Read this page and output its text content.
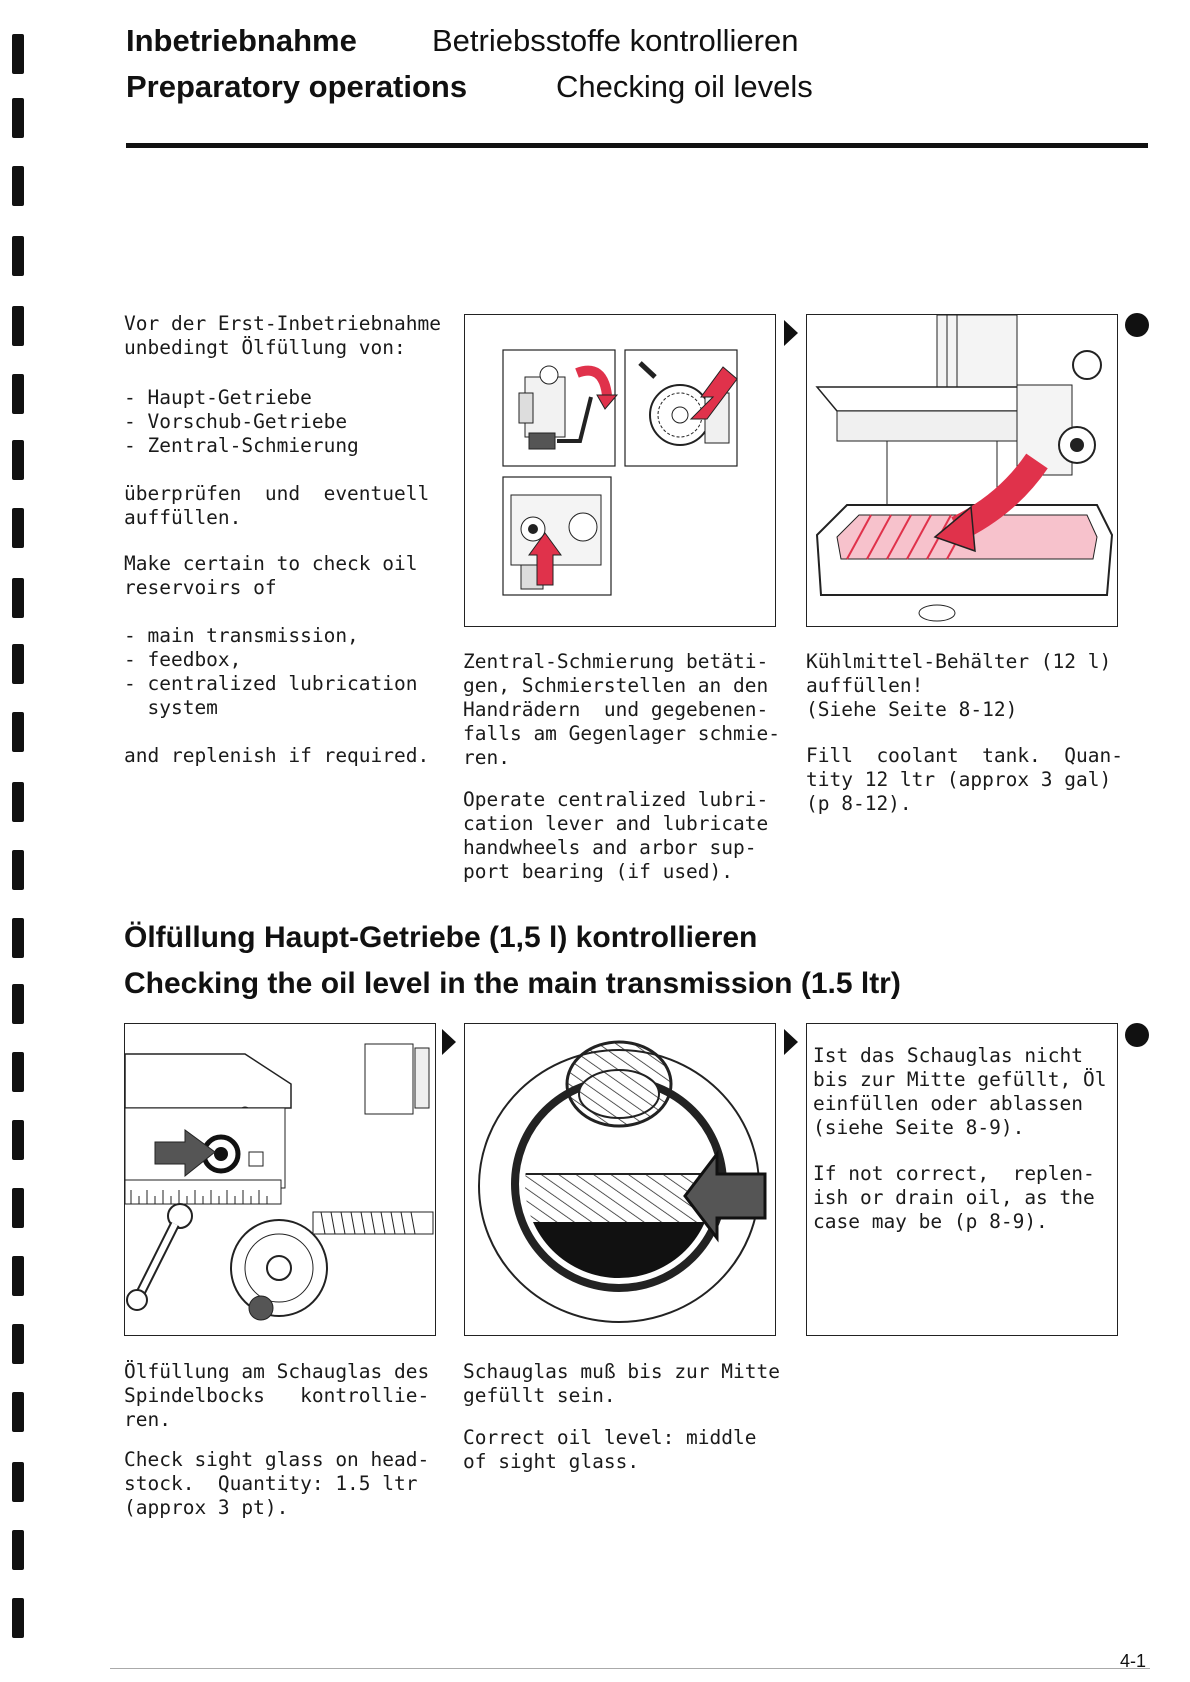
Inbetriebnahme Betriebsstoffe kontrollieren
Preparatory operations	Checking oil levels
Vor der Erst-Inbetriebnahme
unbedingt Ölfüllung von:
- Haupt-Getriebe
- Vorschub-Getriebe
- Zentral-Schmierung
überprüfen  und  eventuell
auffüllen.
Make certain to check oil
reservoirs of
- main transmission,
- feedbox,
- centralized lubrication
system
and replenish if required.
Zentral-Schmierung betäti-
gen, Schmierstellen an den
Handrädern  und gegebenen-
falls am Gegenlager schmie-
ren.
Operate centralized lubri-
cation lever and lubricate
handwheels and arbor sup-
port bearing (if used).
Kühlmittel-Behälter (12 l)
auffüllen!
(Siehe Seite 8-12)
Fill  coolant  tank.  Quan-
tity 12 ltr (approx 3 gal)
(p 8-12).
Ölfüllung Haupt-Getriebe (1,5 l) kontrollieren
Checking the oil level in the main transmission (1.5 ltr)
Ist das Schauglas nicht
bis zur Mitte gefüllt, Öl
einfüllen oder ablassen
(siehe Seite 8-9).
If not correct,  replen-
ish or drain oil, as the
case may be (p 8-9).
Ölfüllung am Schauglas des
Spindelbocks   kontrollie-
ren.
Check sight glass on head-
stock.  Quantity: 1.5 ltr
(approx 3 pt).
Schauglas muß bis zur Mitte
gefüllt sein.
Correct oil level: middle
of sight glass.
4-1
